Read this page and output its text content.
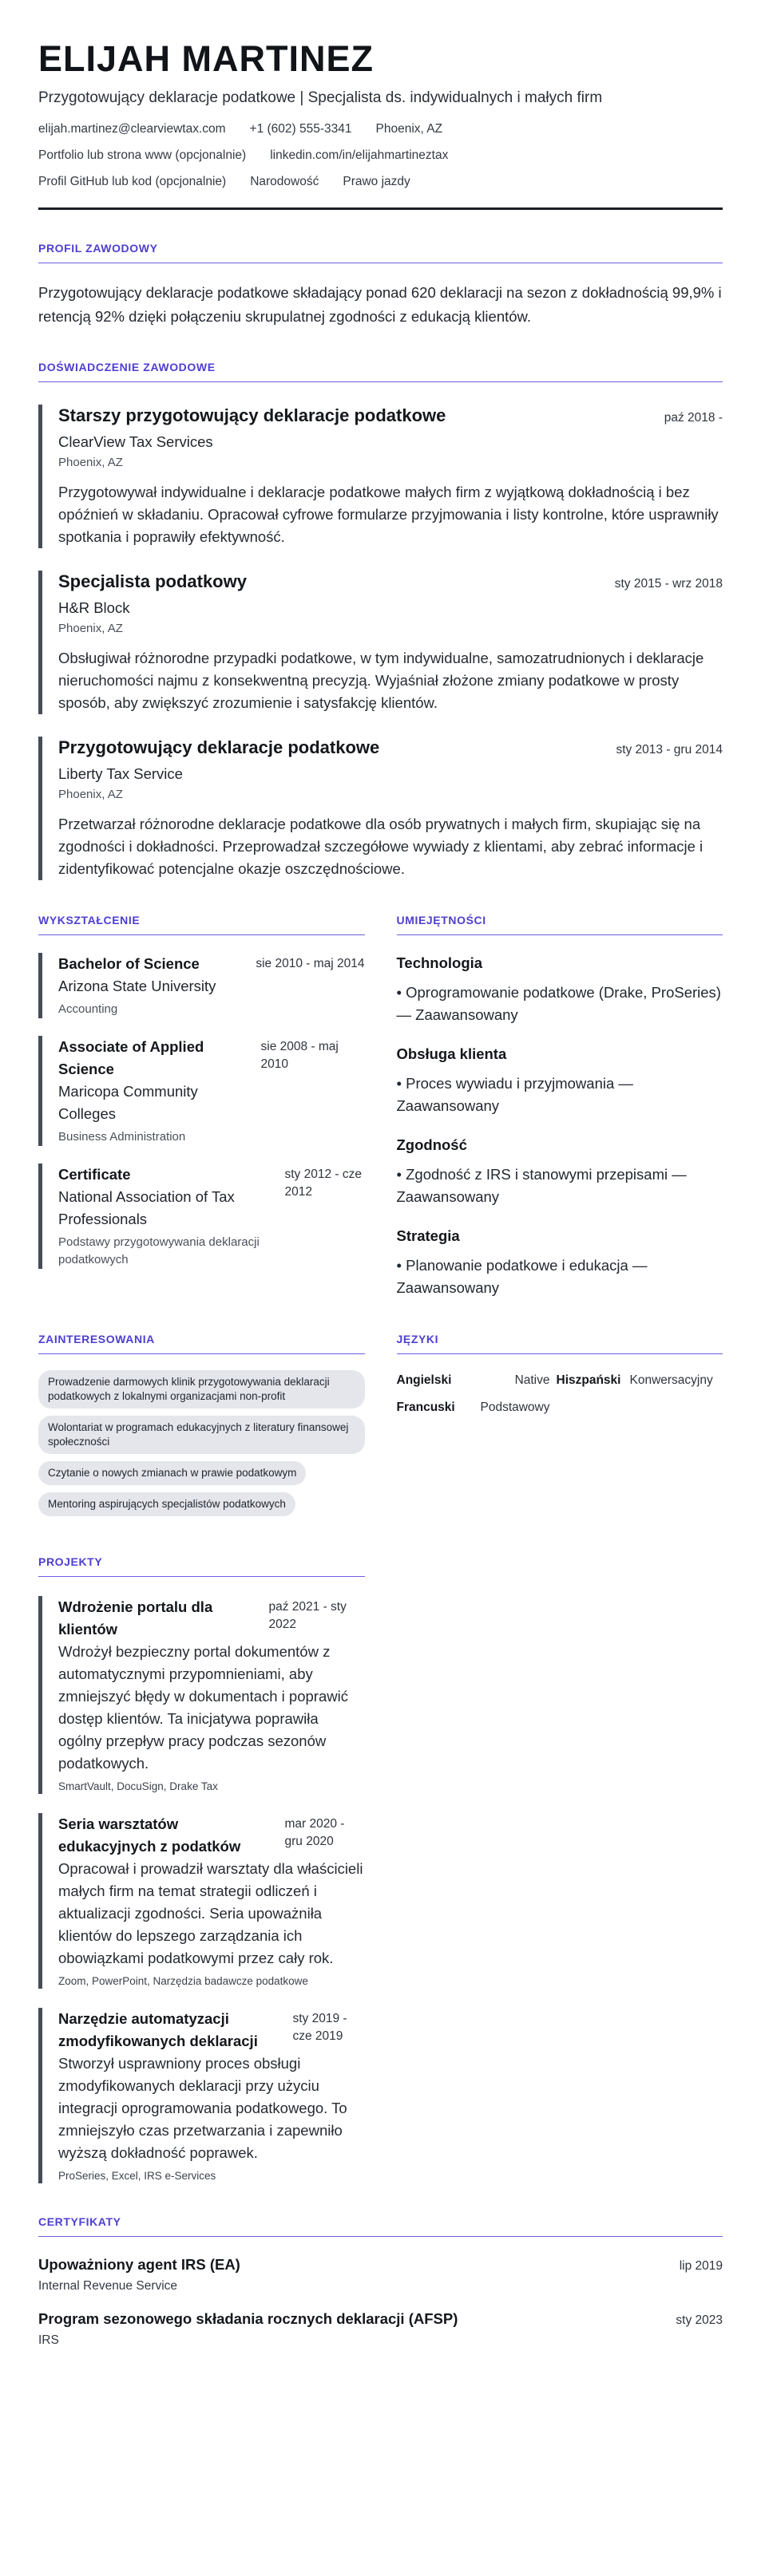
ELIJAH MARTINEZ
Przygotowujący deklaracje podatkowe | Specjalista ds. indywidualnych i małych firm
elijah.martinez@clearviewtax.com +1 (602) 555-3341 Phoenix, AZ
Portfolio lub strona www (opcjonalnie) linkedin.com/in/elijahmartineztax
Profil GitHub lub kod (opcjonalnie) Narodowość Prawo jazdy
PROFIL ZAWODOWY
Przygotowujący deklaracje podatkowe składający ponad 620 deklaracji na sezon z dokładnością 99,9% i retencją 92% dzięki połączeniu skrupulatnej zgodności z edukacją klientów.
DOŚWIADCZENIE ZAWODOWE
Starszy przygotowujący deklaracje podatkowe	paź 2018 -
ClearView Tax Services
Phoenix, AZ
Przygotowywał indywidualne i deklaracje podatkowe małych firm z wyjątkową dokładnością i bez opóźnień w składaniu. Opracował cyfrowe formularze przyjmowania i listy kontrolne, które usprawniły spotkania i poprawiły efektywność.
Specjalista podatkowy	sty 2015 - wrz 2018
H&R Block
Phoenix, AZ
Obsługiwał różnorodne przypadki podatkowe, w tym indywidualne, samozatrudnionych i deklaracje nieruchomości najmu z konsekwentną precyzją. Wyjaśniał złożone zmiany podatkowe w prosty sposób, aby zwiększyć zrozumienie i satysfakcję klientów.
Przygotowujący deklaracje podatkowe	sty 2013 - gru 2014
Liberty Tax Service
Phoenix, AZ
Przetwarzał różnorodne deklaracje podatkowe dla osób prywatnych i małych firm, skupiając się na zgodności i dokładności. Przeprowadzał szczegółowe wywiady z klientami, aby zebrać informacje i zidentyfikować potencjalne okazje oszczędnościowe.
WYKSZTAŁCENIE
Bachelor of Science	sie 2010 - maj 2014
Arizona State University
Accounting
Associate of Applied Science
sie 2008 - maj 2010
Maricopa Community Colleges
Business Administration
Certificate
National Association of Tax Professionals
sty 2012 - cze 2012
Podstawy przygotowywania deklaracji podatkowych
UMIEJĘTNOŚCI
Technologia
• Oprogramowanie podatkowe (Drake, ProSeries) — Zaawansowany
Obsługa klienta
• Proces wywiadu i przyjmowania — Zaawansowany
Zgodność
• Zgodność z IRS i stanowymi przepisami — Zaawansowany
Strategia
• Planowanie podatkowe i edukacja — Zaawansowany
ZAINTERESOWANIA
Prowadzenie darmowych klinik przygotowywania deklaracji podatkowych z lokalnymi organizacjami non-profit Wolontariat w programach edukacyjnych z literatury finansowej społeczności Czytanie o nowych zmianach w prawie podatkowym Mentoring aspirujących specjalistów podatkowych
JĘZYKI
Angielski	Native Hiszpański Konwersacyjny
Francuski	Podstawowy
PROJEKTY
Wdrożenie portalu dla klientów
paź 2021 - sty 2022
Wdrożył bezpieczny portal dokumentów z automatycznymi przypomnieniami, aby zmniejszyć błędy w dokumentach i poprawić dostęp klientów. Ta inicjatywa poprawiła ogólny przepływ pracy podczas sezonów podatkowych.
SmartVault, DocuSign, Drake Tax
Seria warsztatów edukacyjnych z podatków
mar 2020 - gru 2020
Opracował i prowadził warsztaty dla właścicieli małych firm na temat strategii odliczeń i aktualizacji zgodności. Seria upoważniła klientów do lepszego zarządzania ich obowiązkami podatkowymi przez cały rok.
Zoom, PowerPoint, Narzędzia badawcze podatkowe
Narzędzie automatyzacji zmodyfikowanych deklaracji
sty 2019 - cze 2019
Stworzył usprawniony proces obsługi zmodyfikowanych deklaracji przy użyciu integracji oprogramowania podatkowego. To zmniejszyło czas przetwarzania i zapewniło wyższą dokładność poprawek.
ProSeries, Excel, IRS e-Services
CERTYFIKATY
Upoważniony agent IRS (EA)	lip 2019
Internal Revenue Service
Program sezonowego składania rocznych deklaracji (AFSP)	sty 2023
IRS
